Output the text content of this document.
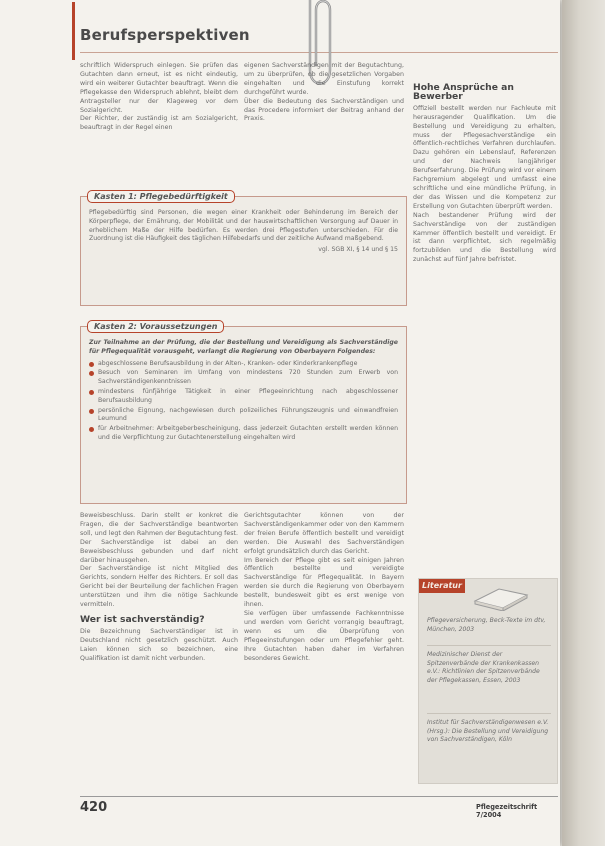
Berufsperspektiven

schriftlich Widerspruch einlegen. Sie prüfen das Gutachten dann erneut, ist es nicht eindeutig, wird ein weiterer Gutachter beauftragt. Wenn die Pflegekasse den Widerspruch ablehnt, bleibt dem Antragsteller nur der Klageweg vor dem Sozialgericht.

Der Richter, der zuständig ist am Sozialgericht, beauftragt in der Regel einen

eigenen Sachverständigen mit der Begutachtung, um zu überprüfen, ob die gesetzlichen Vorgaben eingehalten und die Einstufung korrekt durchgeführt wurde.

Über die Bedeutung des Sachverständigen und das Procedere informiert der Beitrag anhand der Praxis.

Hohe Ansprüche an Bewerber

Offiziell bestellt werden nur Fachleute mit herausragender Qualifikation. Um die Bestellung und Vereidigung zu erhalten, muss der Pflegesachverständige ein öffentlich-rechtliches Verfahren durchlaufen. Dazu gehören ein Lebenslauf, Referenzen und der Nachweis langjähriger Berufserfahrung. Die Prüfung wird vor einem Fachgremium abgelegt und umfasst eine schriftliche und eine mündliche Prüfung, in der das Wissen und die Kompetenz zur Erstellung von Gutachten überprüft werden.

Nach bestandener Prüfung wird der Sachverständige von der zuständigen Kammer öffentlich bestellt und vereidigt. Er ist dann verpflichtet, sich regelmäßig fortzubilden und die Bestellung wird zunächst auf fünf Jahre befristet.

Kasten 1: Pflegebedürftigkeit
Pflegebedürftig sind Personen, die wegen einer Krankheit oder Behinderung im Bereich der Körperpflege, der Ernährung, der Mobilität und der hauswirtschaftlichen Versorgung auf Dauer in erheblichem Maße der Hilfe bedürfen. Es werden drei Pflegestufen unterschieden. Für die Zuordnung ist die Häufigkeit des täglichen Hilfebedarfs und der zeitliche Aufwand maßgebend.
vgl. SGB XI, § 14 und § 15
Kasten 2: Voraussetzungen
Zur Teilnahme an der Prüfung, die der Bestellung und Vereidigung als Sachverständige für Pflegequalität vorausgeht, verlangt die Regierung von Oberbayern Folgendes:
abgeschlossene Berufsausbildung in der Alten-, Kranken- oder Kinderkrankenpflege
Besuch von Seminaren im Umfang von mindestens 720 Stunden zum Erwerb von Sachverständigenkenntnissen
mindestens fünfjährige Tätigkeit in einer Pflegeeinrichtung nach abgeschlossener Berufsausbildung
persönliche Eignung, nachgewiesen durch polizeiliches Führungszeugnis und einwandfreien Leumund
für Arbeitnehmer: Arbeitgeberbescheinigung, dass jederzeit Gutachten erstellt werden können und die Verpflichtung zur Gutachtenerstellung eingehalten wird

Beweisbeschluss. Darin stellt er konkret die Fragen, die der Sachverständige beantworten soll, und legt den Rahmen der Begutachtung fest. Der Sachverständige ist dabei an den Beweisbeschluss gebunden und darf nicht darüber hinausgehen.

Der Sachverständige ist nicht Mitglied des Gerichts, sondern Helfer des Richters. Er soll das Gericht bei der Beurteilung der fachlichen Fragen unterstützen und ihm die nötige Sachkunde vermitteln.

Wer ist sachverständig?

Die Bezeichnung Sachverständiger ist in Deutschland nicht gesetzlich geschützt. Auch Laien können sich so bezeichnen, eine Qualifikation ist damit nicht verbunden.

Gerichtsgutachter können von der Sachverständigenkammer oder von den Kammern der freien Berufe öffentlich bestellt und vereidigt werden. Die Auswahl des Sachverständigen erfolgt grundsätzlich durch das Gericht.

Im Bereich der Pflege gibt es seit einigen Jahren öffentlich bestellte und vereidigte Sachverständige für Pflegequalität. In Bayern werden sie durch die Regierung von Oberbayern bestellt, bundesweit gibt es erst wenige von ihnen.

Sie verfügen über umfassende Fachkenntnisse und werden vom Gericht vorrangig beauftragt, wenn es um die Überprüfung von Pflegeeinstufungen oder um Pflegefehler geht. Ihre Gutachten haben daher im Verfahren besonderes Gewicht.

Literatur
Pflegeversicherung, Beck-Texte im dtv, München, 2003
Medizinischer Dienst der Spitzenverbände der Krankenkassen e.V.: Richtlinien der Spitzenverbände der Pflegekassen, Essen, 2003
Institut für Sachverständigenwesen e.V. (Hrsg.): Die Bestellung und Vereidigung von Sachverständigen, Köln
420	Pflegezeitschrift 7/2004
